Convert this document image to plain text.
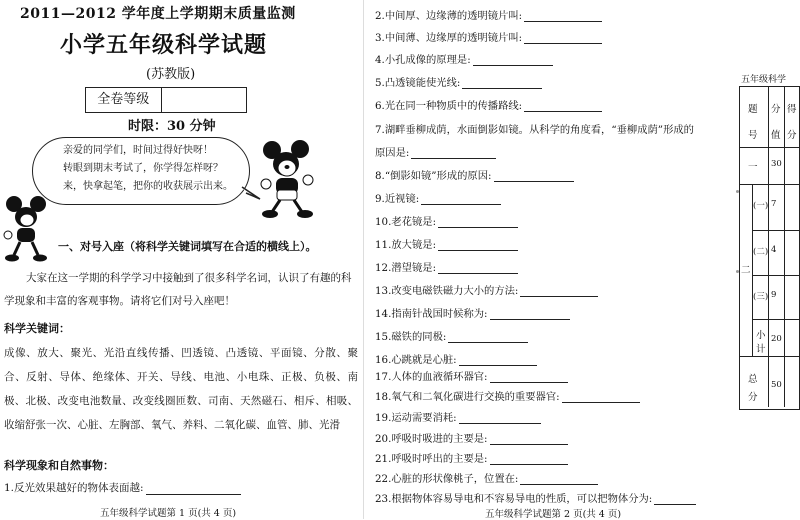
2011—2012 学年度上学期期末质量监测
小学五年级科学试题
(苏教版)
全卷等级
时限：30 分钟
亲爱的同学们，时间过得好快呀！
转眼到期末考试了，你学得怎样呀？
来，快拿起笔，把你的收获展示出来。
一、对号入座（将科学关键词填写在合适的横线上）。
大家在这一学期的科学学习中接触到了很多科学名词，认识了有趣的科学现象和丰富的客观事物。请将它们对号入座吧！
科学关键词：
成像、放大、聚光、光沿直线传播、凹透镜、凸透镜、平面镜、分散、聚合、反射、导体、绝缘体、开关、导线、电池、小电珠、正极、负极、南极、北极、改变电池数量、改变线圈匝数、司南、天然磁石、相斥、相吸、收缩舒张一次、心脏、左胸部、氧气、养料、二氧化碳、血管、肺、光滑
科学现象和自然事物：
1.反光效果越好的物体表面越:
五年级科学试题第 1 页(共 4 页)
2.中间厚、边缘薄的透明镜片叫:
3.中间薄、边缘厚的透明镜片叫:
4.小孔成像的原理是:
5.凸透镜能使光线:
6.光在同一种物质中的传播路线:
7.湖畔垂柳成荫，水面倒影如镜。从科学的角度看，“垂柳成荫”形成的
原因是:
8.“倒影如镜”形成的原因:
9.近视镜:
10.老花镜是:
11.放大镜是:
12.潜望镜是:
13.改变电磁铁磁力大小的方法:
14.指南针战国时候称为:
15.磁铁的同极:
16.心跳就是心脏:
17.人体的血液循环器官:
18.氧气和二氧化碳进行交换的重要器官:
19.运动需要消耗:
20.呼吸时吸进的主要是:
21.呼吸时呼出的主要是:
22.心脏的形状像桃子，位置在:
23.根据物体容易导电和不容易导电的性质，可以把物体分为:
五年级科学试题第 2 页(共 4 页)
五年级科学
题
号
分
值
得
分
一 30
二
(一) 7
(二) 4
(三) 9
小
计
20
总
分
50
